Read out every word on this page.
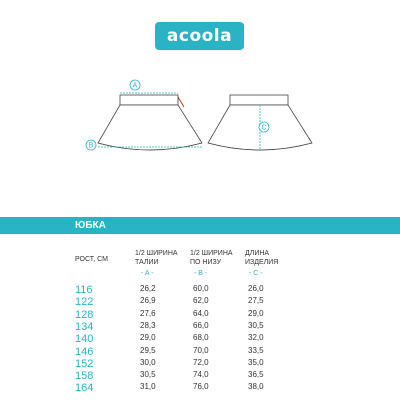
acoola
A
B
C
ЮБКА
РОСТ, СМ
1/2 ШИРИНА
ТАЛИИ
1/2 ШИРИНА
ПО НИЗУ
ДЛИНА
ИЗДЕЛИЯ
- A -	- B -	- C -
116	26,2	60,0	26,0
122	26,9	62,0	27,5
128	27,6	64,0	29,0
134	28,3	66,0	30,5
140	29,0	68,0	32,0
146	29,5	70,0	33,5
152	30,0	72,0	35,0
158	30,5	74,0	36,5
164	31,0	76,0	38,0
